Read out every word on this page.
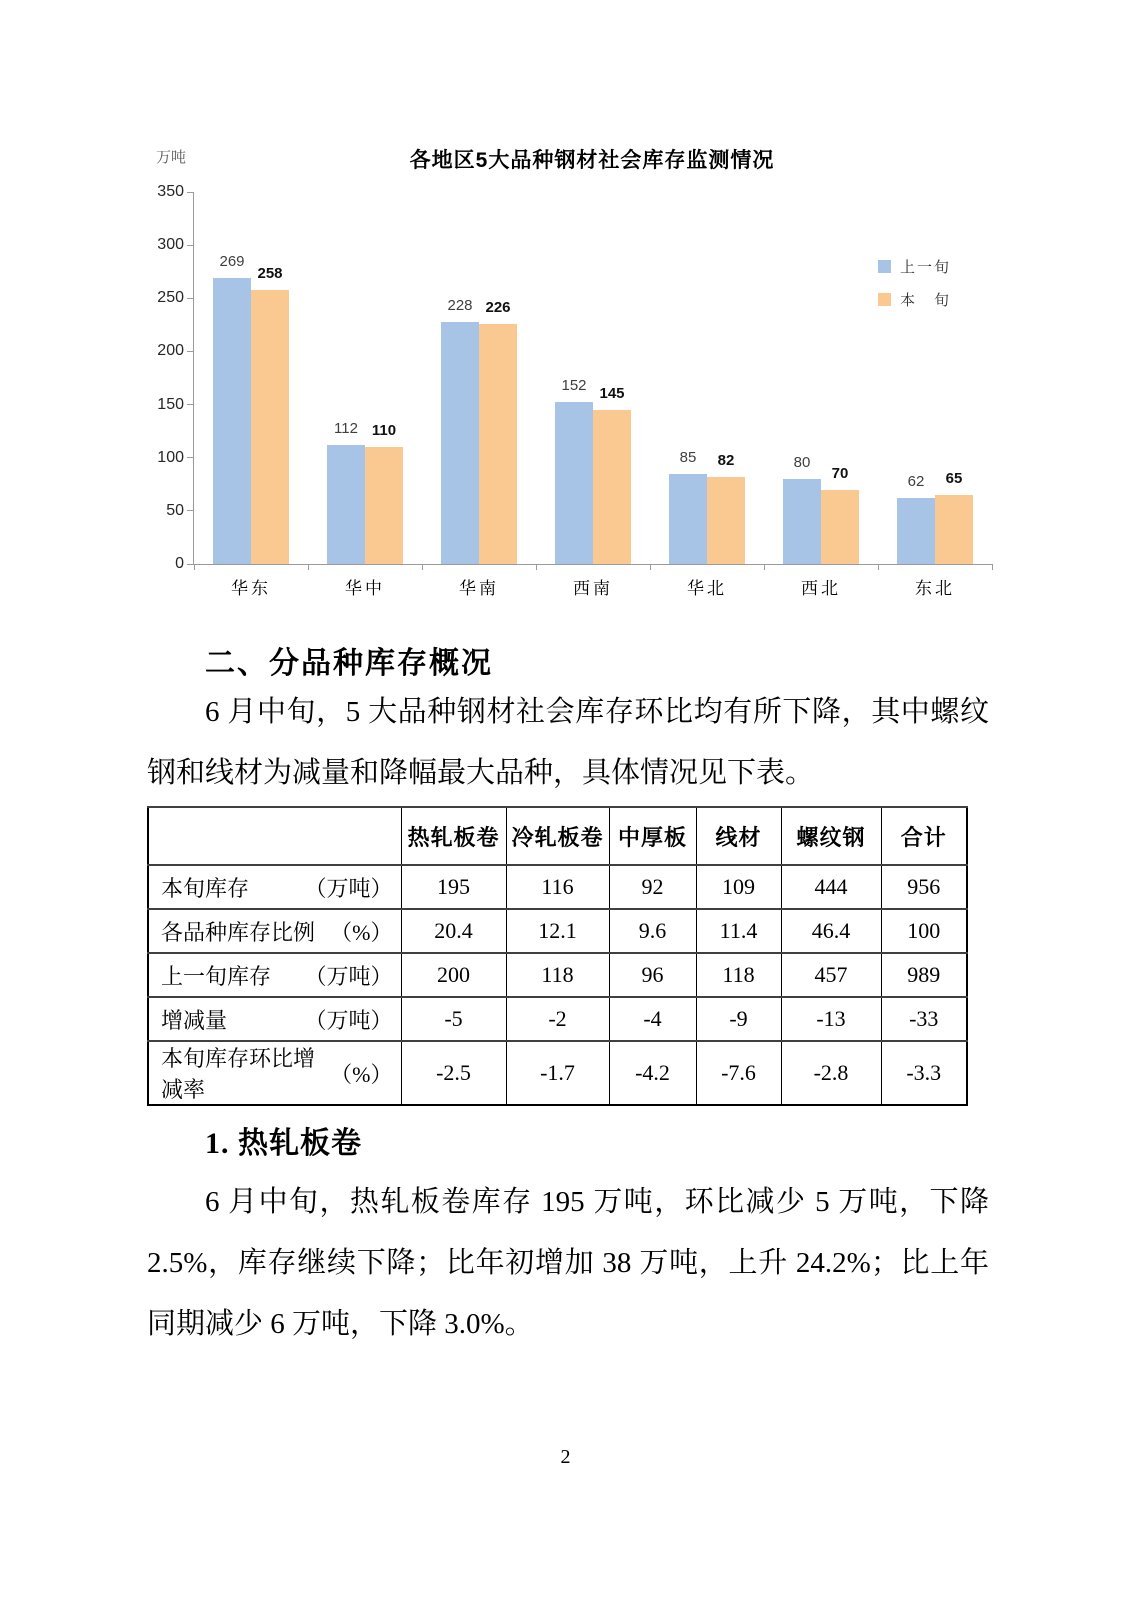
万吨	各地区5大品种钢材社会库存监测情况
0
50
100
150
200
250
300
350
269
258
华东
112 110
华中
228 226
华南
152 145
西南
85	82
华北
80
70
西北
62	65
东北
上一旬
本　旬
二、分品种库存概况

6 月中旬，5 大品种钢材社会库存环比均有所下降，其中螺纹钢和线材为减量和降幅最大品种，具体情况见下表。

	热轧板卷	冷轧板卷	中厚板	线材	螺纹钢	合计

本旬库存 （万吨）	195	116	92	109	444	956

各品种库存比例 （%）	20.4	12.1	9.6	11.4	46.4	100

上一旬库存 （万吨）	200	118	96	118	457	989

增减量 （万吨）	-5	-2	-4	-9	-13	-33

本旬库存环比增减率
（%）	-2.5	-1.7	-4.2	-7.6	-2.8	-3.3
1. 热轧板卷

6 月中旬，热轧板卷库存 195 万吨，环比减少 5 万吨，下降 2.5%，库存继续下降；比年初增加 38 万吨，上升 24.2%；比上年同期减少 6 万吨，下降 3.0%。

2
